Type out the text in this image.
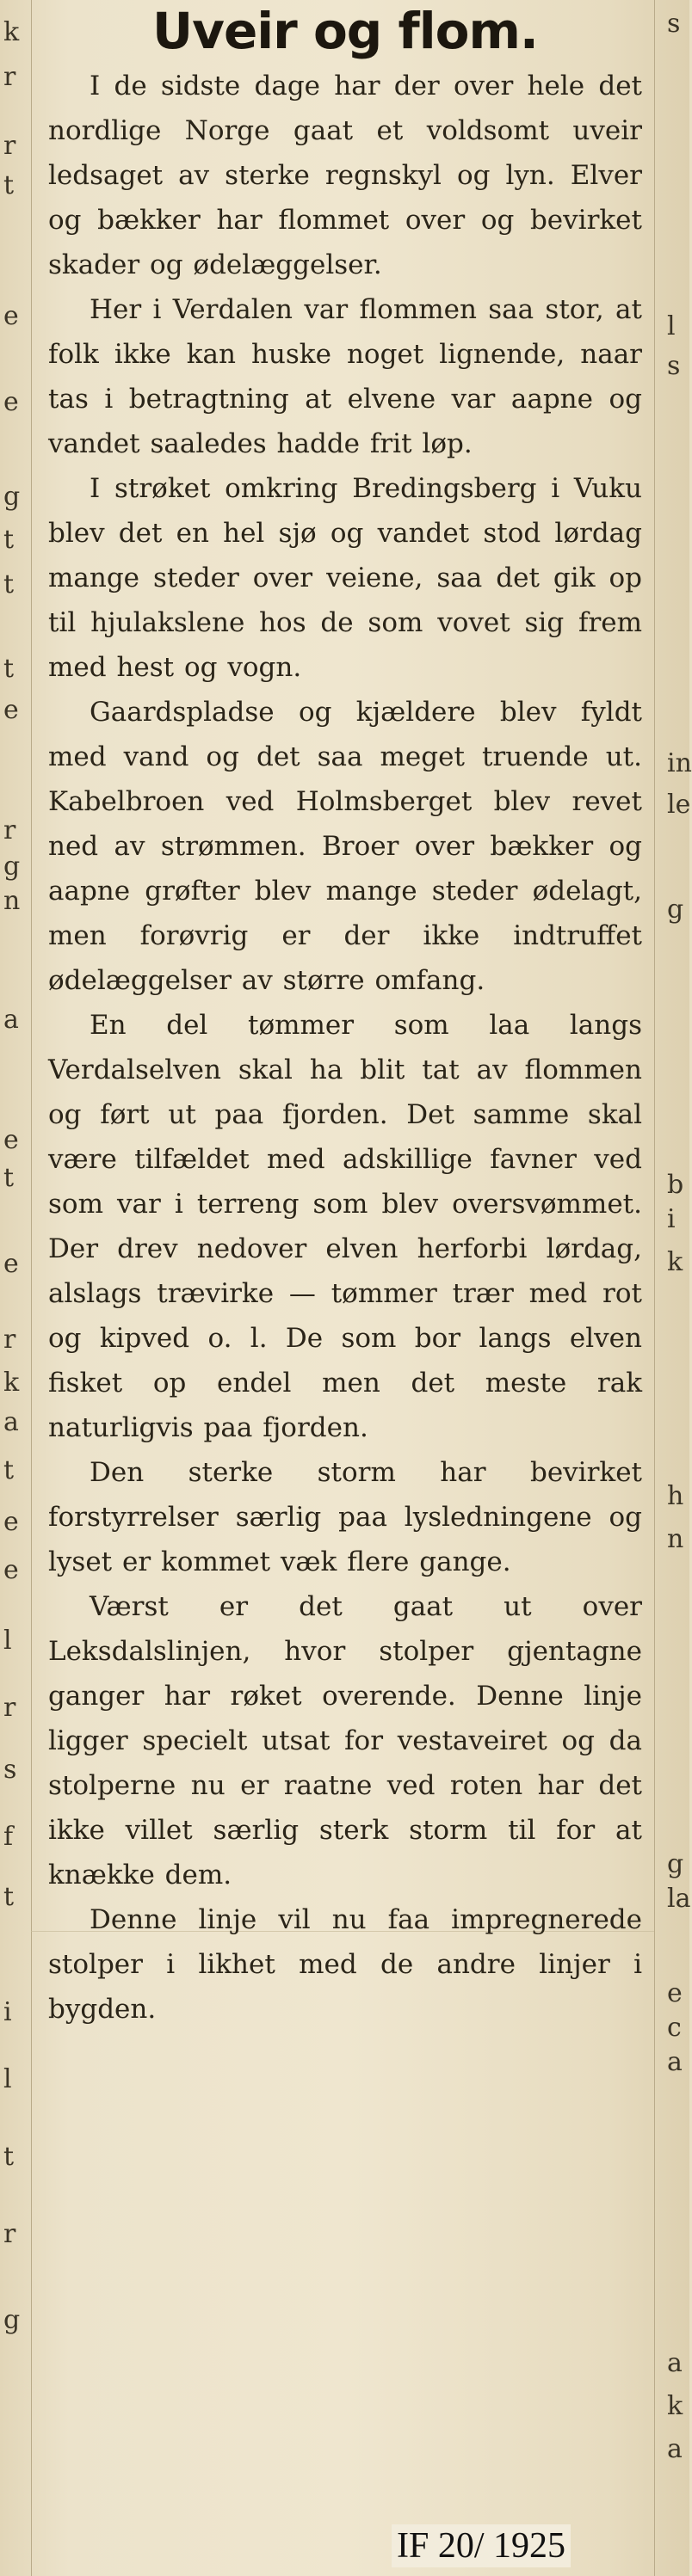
k
r
r
t
e
e
g
t
t
t
e
r
g
n
a
e
t
e
r
k
a
t
e
e
l
r
s
f
t
i
l
t
r
g
s
l
s
in
le
g
b
i
k
h
n
g
la
e
c
a
a
k
a
Uveir og flom.

I de sidste dage har der over hele det nordlige Norge gaat et voldsomt uveir ledsaget av sterke regnskyl og lyn. Elver og bækker har flommet over og bevirket skader og ødelæggelser.

Her i Verdalen var flommen saa stor, at folk ikke kan huske noget lignende, naar tas i betragtning at elvene var aapne og vandet saaledes hadde frit løp.

I strøket omkring Bredingsberg i Vuku blev det en hel sjø og vandet stod lørdag mange steder over veiene, saa det gik op til hjulakslene hos de som vovet sig frem med hest og vogn.

Gaardspladse og kjældere blev fyldt med vand og det saa meget truende ut. Kabelbroen ved Holmsberget blev revet ned av strømmen. Broer over bækker og aapne grøfter blev mange steder ødelagt, men forøvrig er der ikke indtruffet ødelæggelser av større omfang.

En del tømmer som laa langs Verdalselven skal ha blit tat av flommen og ført ut paa fjorden. Det samme skal være tilfældet med adskillige favner ved som var i terreng som blev oversvømmet. Der drev nedover elven herforbi lørdag, alslags trævirke — tømmer trær med rot og kipved o. l. De som bor langs elven fisket op endel men det meste rak naturligvis paa fjorden.

Den sterke storm har bevirket forstyrrelser særlig paa lysledningene og lyset er kommet væk flere gange.

Værst er det gaat ut over Leksdalslinjen, hvor stolper gjentagne ganger har røket overende. Denne linje ligger specielt utsat for vestaveiret og da stolperne nu er raatne ved roten har det ikke villet særlig sterk storm til for at knække dem.

Denne linje vil nu faa impregnerede stolper i likhet med de andre linjer i bygden.

IF 20/ 1925
